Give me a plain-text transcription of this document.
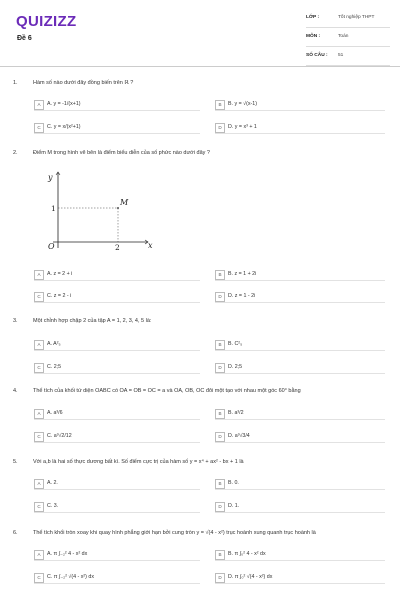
QUIZIZZ
Đề 6
LỚP :	Tốt nghiệp THPT
MÔN :	Toán
SỐ CÂU :	51
1.	Hàm số nào dưới đây đồng biến trên ℝ ?
A	A. y = -1/(x+1)	B	B. y = √(x-1)
C	C. y = x/(x²+1)	D	D. y = x³ + 1
2.	Điểm M trong hình vẽ bên là điểm biểu diễn của số phức nào dưới đây ?
y
x
O
M
2
1
A	A. z = 2 + i	B	B. z = 1 + 2i
C	C. z = 2 - i	D	D. z = 1 - 2i
3.	Một chỉnh hợp chập 2 của tập A = 1, 2, 3, 4, 5 là:
A	A. A²₅	B	B. C²₅
C	C. 2;5	D	D. 2;5
4.	Thể tích của khối tứ diện OABC có OA = OB = OC = a và OA, OB, OC đôi một tạo với nhau một góc 60° bằng
A	A. a³/6	B	B. a³/2
C	C. a³√2/12	D	D. a³√3/4
5.	Với a,b là hai số thực dương bất kì. Số điểm cực trị của hàm số y = x⁴ + ax² - bx + 1 là
A	A. 2.	B	B. 0.
C	C. 3.	D	D. 1.
6.	Thể tích khối tròn xoay khi quay hình phẳng giới hạn bởi cung tròn y = √(4 - x²) trục hoành xung quanh trục hoành là
A	A. π ∫₋₂² 4 - x² dx	B	B. π ∫₀² 4 - x² dx
C	C. π ∫₋₂² √(4 - x²) dx	D	D. π ∫₀² √(4 - x²) dx
